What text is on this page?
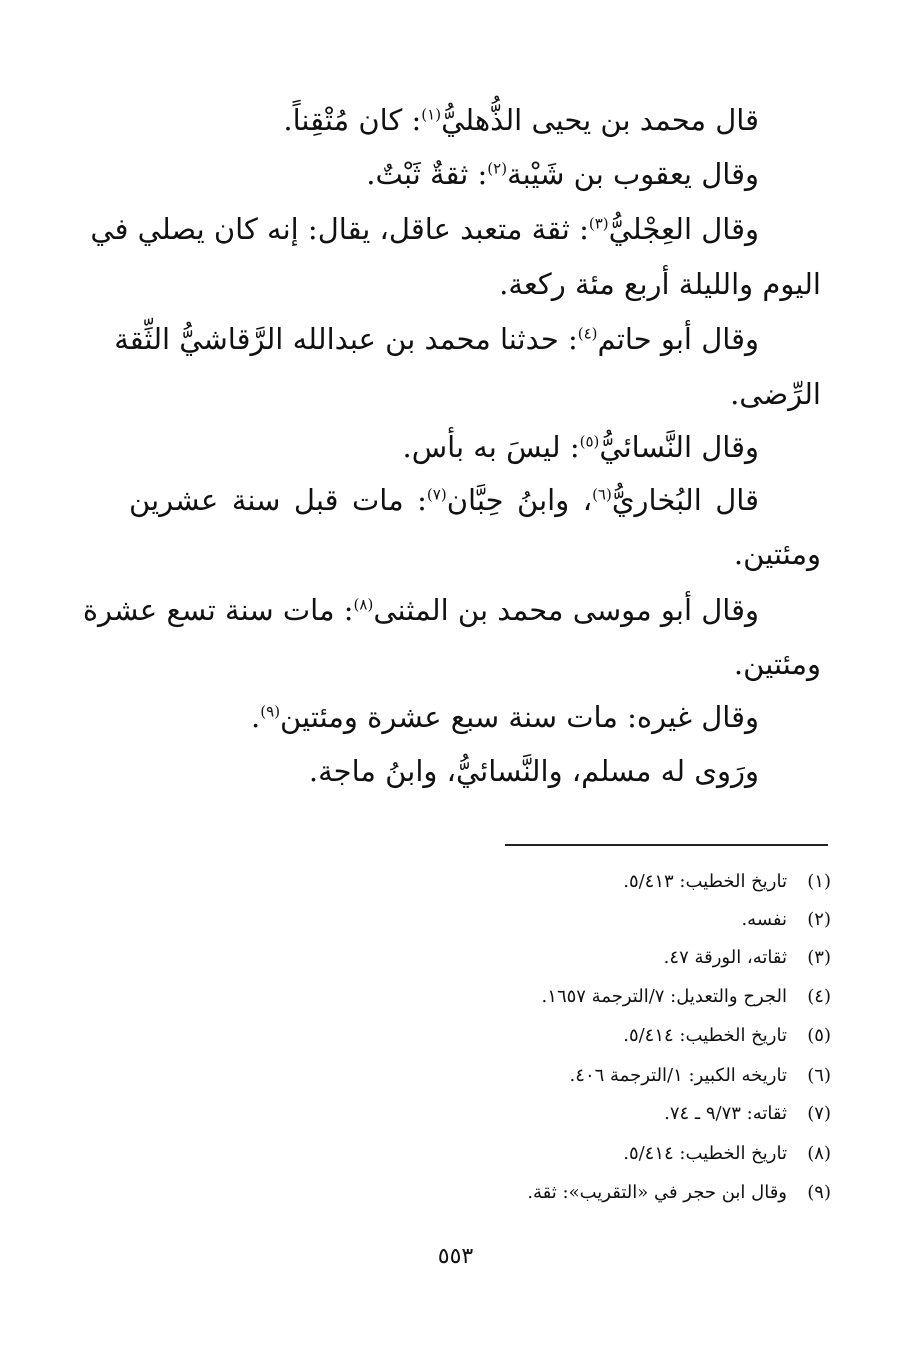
قال محمد بن يحيى الذُّهليُّ$^{(١)}$: كان مُتْقِناً.
وقال يعقوب بن شَيْبة$^{(٢)}$: ثقةٌ ثَبْتٌ.
وقال العِجْليُّ$^{(٣)}$: ثقة متعبد عاقل، يقال: إنه كان يصلي في
اليوم والليلة أربع مئة ركعة.
وقال أبو حاتم$^{(٤)}$: حدثنا محمد بن عبدالله الرَّقاشيُّ الثِّقة
الرِّضى.
وقال النَّسائيُّ$^{(٥)}$: ليسَ به بأس.
قال البُخاريُّ$^{(٦)}$، وابنُ حِبَّان$^{(٧)}$: مات قبل سنة عشرين
ومئتين.
وقال أبو موسى محمد بن المثنى$^{(٨)}$: مات سنة تسع عشرة
ومئتين.
وقال غيره: مات سنة سبع عشرة ومئتين$^{(٩)}$.
ورَوى له مسلم، والنَّسائيُّ، وابنُ ماجة.
(١)تاريخ الخطيب: ٥/٤١٣.
(٢)نفسه.
(٣)ثقاته، الورقة ٤٧.
(٤)الجرح والتعديل: ٧/الترجمة ١٦٥٧.
(٥)تاريخ الخطيب: ٥/٤١٤.
(٦)تاريخه الكبير: ١/الترجمة ٤٠٦.
(٧)ثقاته: ٩/٧٣ ـ ٧٤.
(٨)تاريخ الخطيب: ٥/٤١٤.
(٩)وقال ابن حجر في «التقريب»: ثقة.
٥٥٣
